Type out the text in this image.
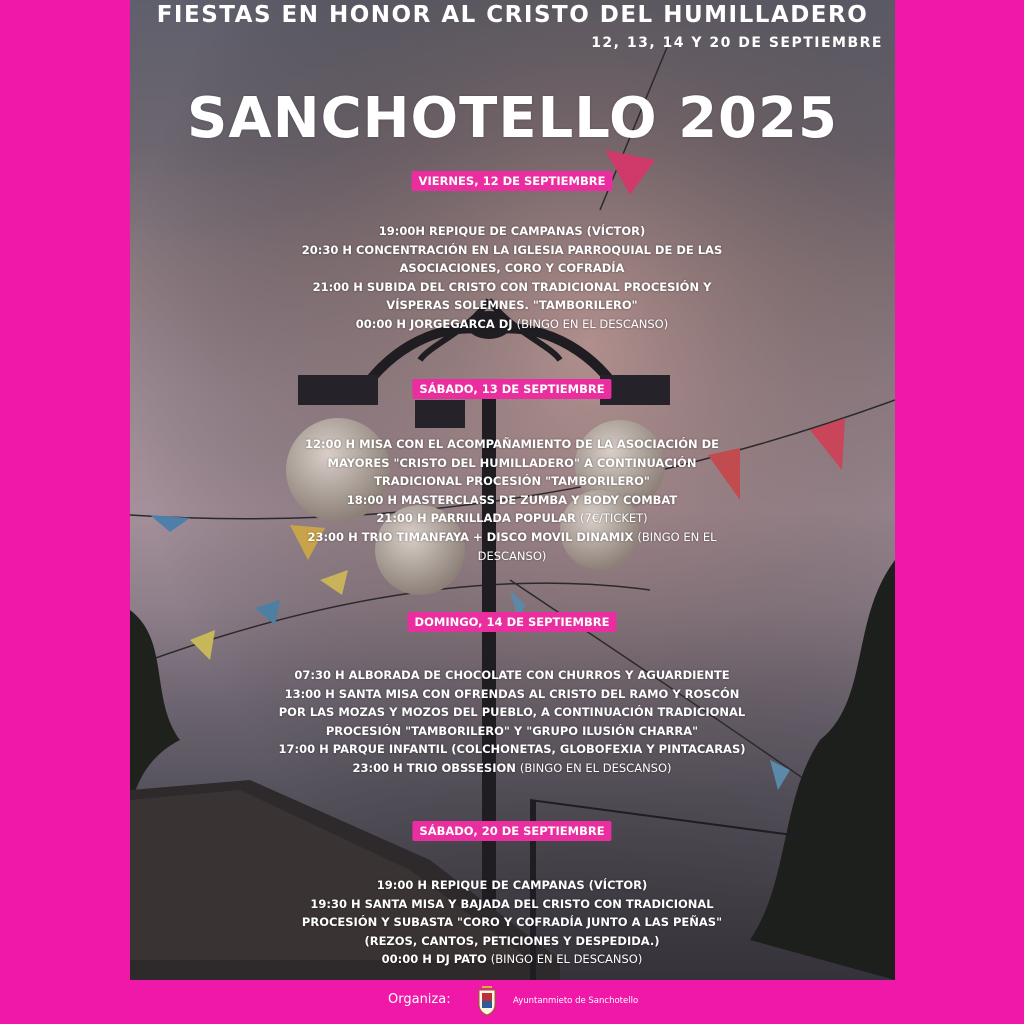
FIESTAS EN HONOR AL CRISTO DEL HUMILLADERO
12, 13, 14 Y 20 DE SEPTIEMBRE
SANCHOTELLO 2025
VIERNES, 12 DE SEPTIEMBRE
19:00H REPIQUE DE CAMPANAS (VÍCTOR)
20:30 H CONCENTRACIÓN EN LA IGLESIA PARROQUIAL DE DE LAS
ASOCIACIONES, CORO Y COFRADÍA
21:00 H SUBIDA DEL CRISTO CON TRADICIONAL PROCESIÓN Y
VÍSPERAS SOLEMNES. "TAMBORILERO"
00:00 H JORGEGARCA DJ (BINGO EN EL DESCANSO)
SÁBADO, 13 DE SEPTIEMBRE
12:00 H MISA CON EL ACOMPAÑAMIENTO DE LA ASOCIACIÓN DE
MAYORES "CRISTO DEL HUMILLADERO" A CONTINUACIÓN
TRADICIONAL PROCESIÓN "TAMBORILERO"
18:00 H MASTERCLASS DE ZUMBA Y BODY COMBAT
21:00 H PARRILLADA POPULAR (7€/TICKET)
23:00 H TRIO TIMANFAYA + DISCO MOVIL DINAMIX (BINGO EN EL
DESCANSO)
DOMINGO, 14 DE SEPTIEMBRE
07:30 H ALBORADA DE CHOCOLATE CON CHURROS Y AGUARDIENTE
13:00 H SANTA MISA CON OFRENDAS AL CRISTO DEL RAMO Y ROSCÓN
POR LAS MOZAS Y MOZOS DEL PUEBLO, A CONTINUACIÓN TRADICIONAL
PROCESIÓN "TAMBORILERO" Y "GRUPO ILUSIÓN CHARRA"
17:00 H PARQUE INFANTIL (COLCHONETAS, GLOBOFEXIA Y PINTACARAS)
23:00 H TRIO OBSSESION (BINGO EN EL DESCANSO)
SÁBADO, 20 DE SEPTIEMBRE
19:00 H REPIQUE DE CAMPANAS (VÍCTOR)
19:30 H SANTA MISA Y BAJADA DEL CRISTO CON TRADICIONAL
PROCESIÓN Y SUBASTA "CORO Y COFRADÍA JUNTO A LAS PEÑAS"
(REZOS, CANTOS, PETICIONES Y DESPEDIDA.)
00:00 H DJ PATO (BINGO EN EL DESCANSO)
Organiza:	Ayuntanmieto de Sanchotello
